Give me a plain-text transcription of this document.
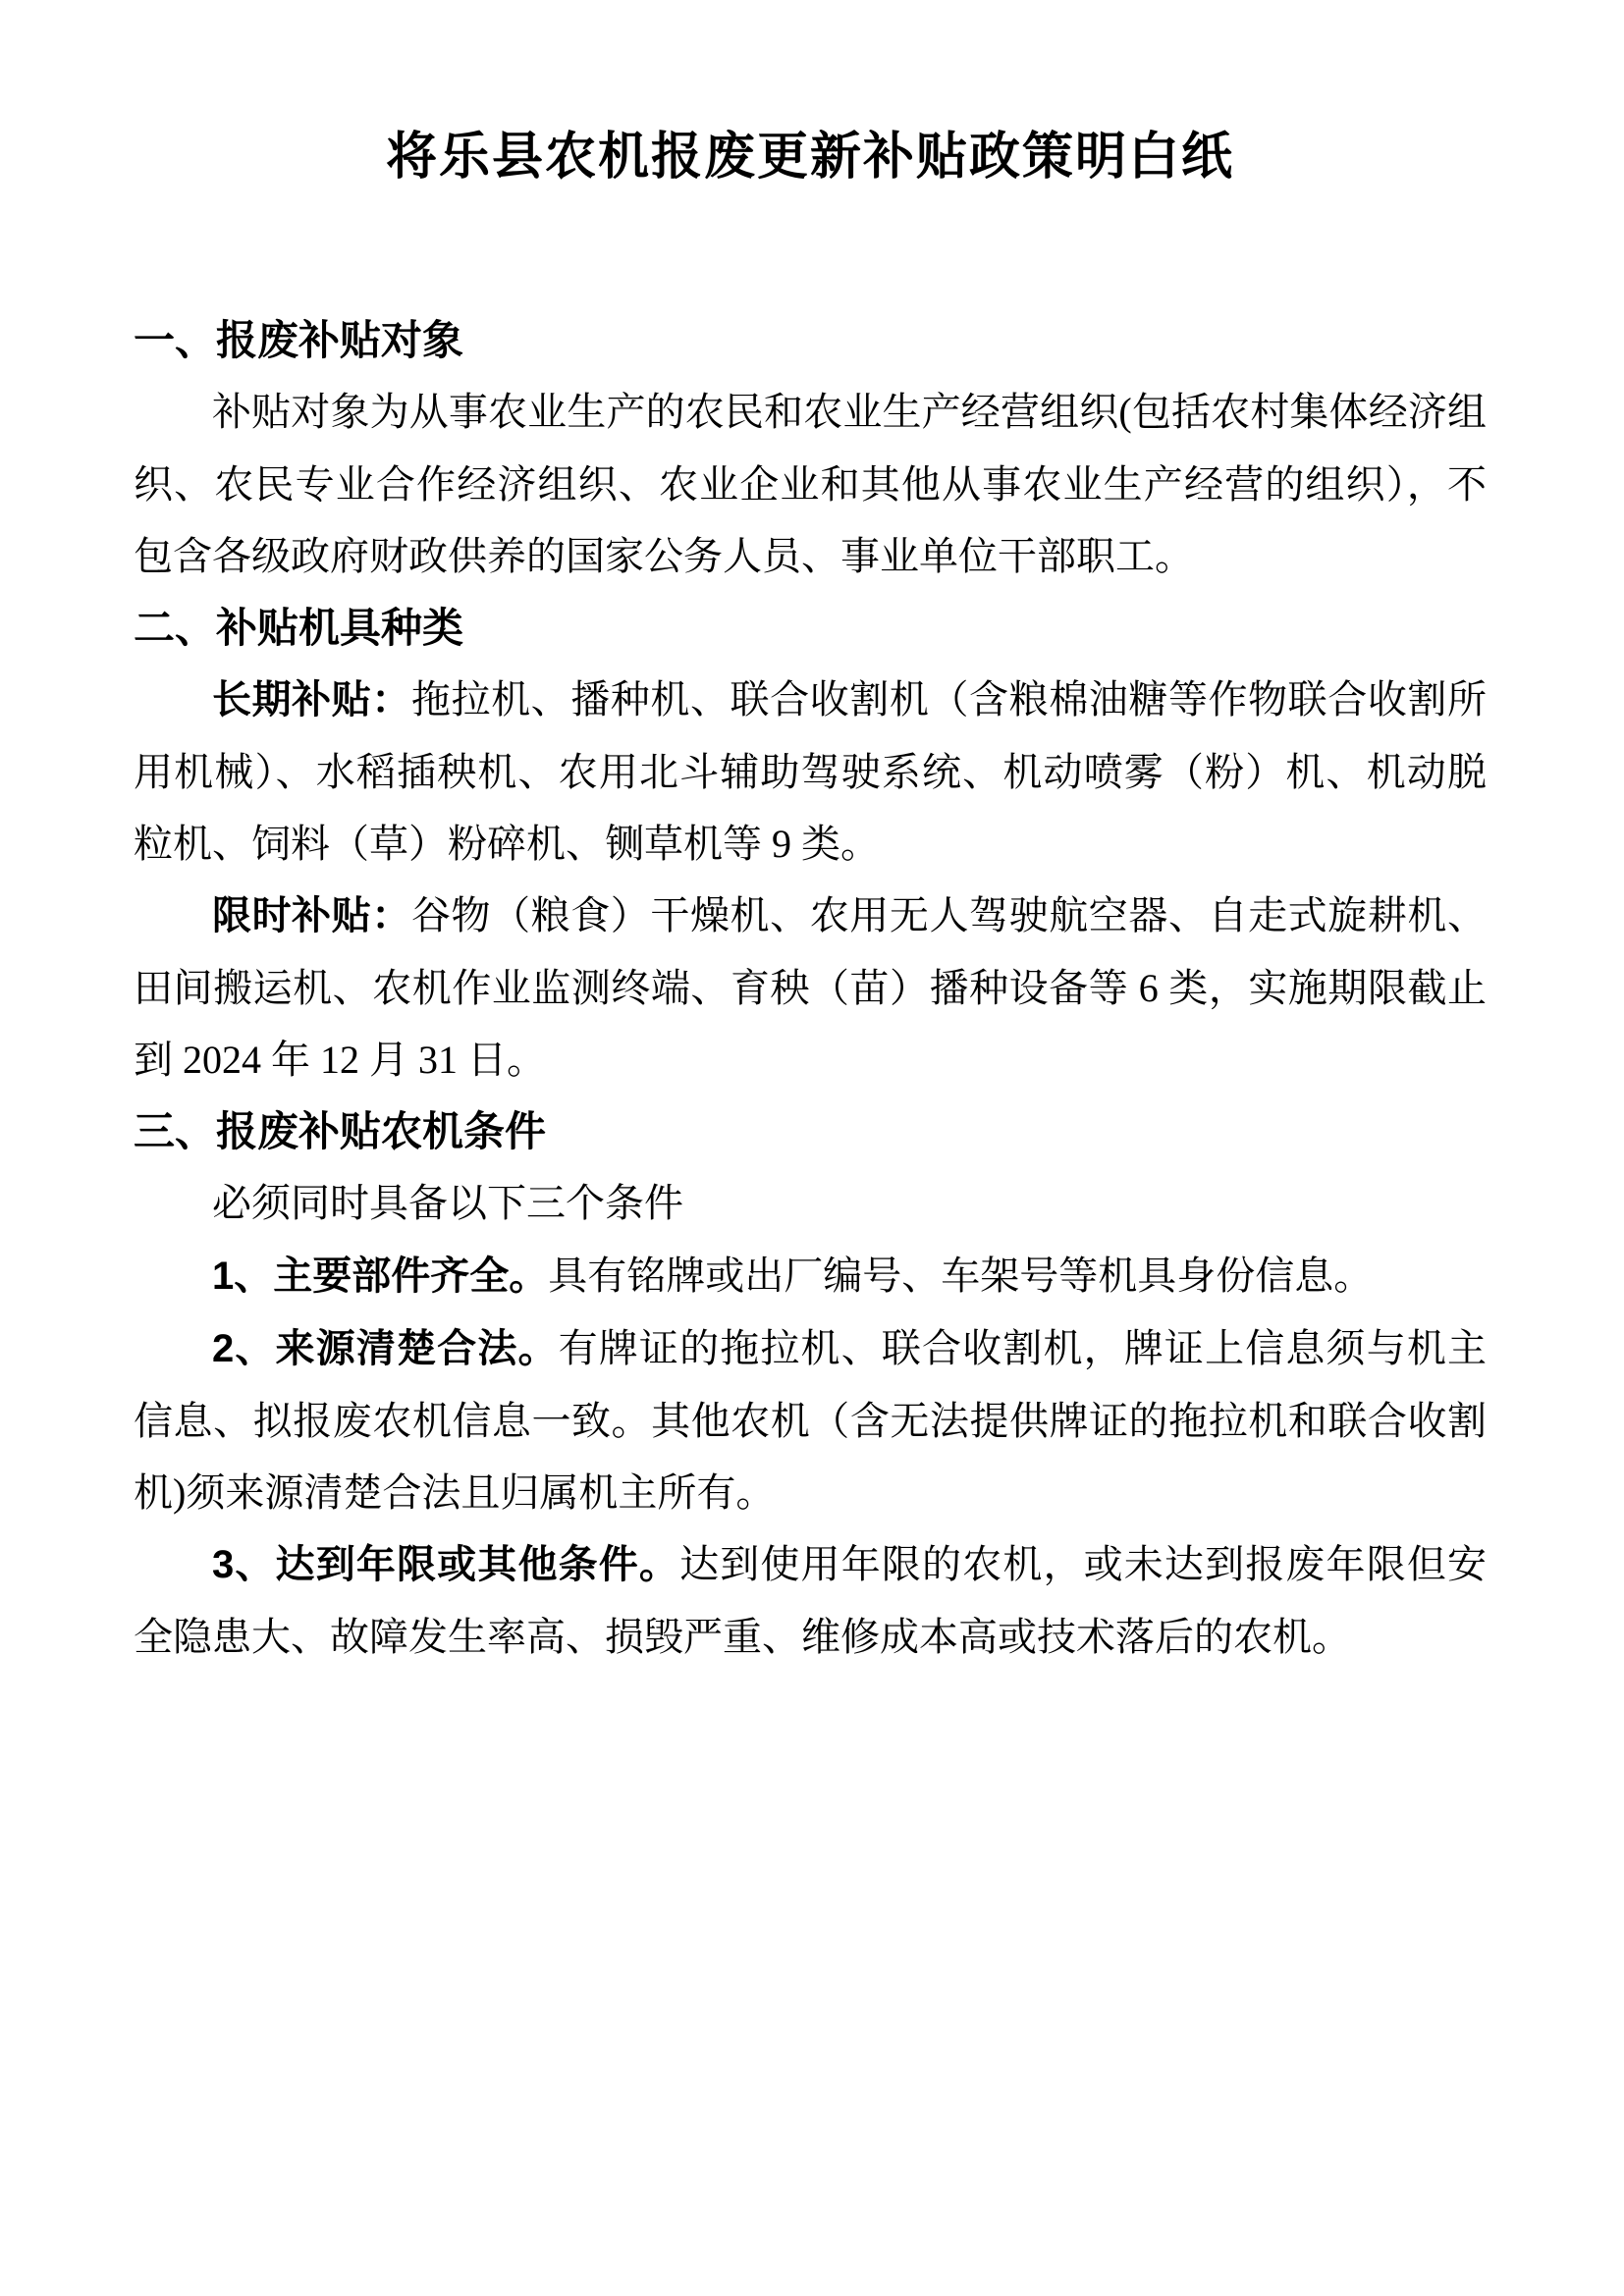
将乐县农机报废更新补贴政策明白纸
一、报废补贴对象

补贴对象为从事农业生产的农民和农业生产经营组织(包括农村集体经济组织、农民专业合作经济组织、农业企业和其他从事农业生产经营的组织），不包含各级政府财政供养的国家公务人员、事业单位干部职工。

二、补贴机具种类

长期补贴：拖拉机、播种机、联合收割机（含粮棉油糖等作物联合收割所用机械）、水稻插秧机、农用北斗辅助驾驶系统、机动喷雾（粉）机、机动脱粒机、饲料（草）粉碎机、铡草机等 9 类。

限时补贴：谷物（粮食）干燥机、农用无人驾驶航空器、自走式旋耕机、田间搬运机、农机作业监测终端、育秧（苗）播种设备等 6 类，实施期限截止到 2024 年 12 月 31 日。

三、报废补贴农机条件

必须同时具备以下三个条件

1、主要部件齐全。具有铭牌或出厂编号、车架号等机具身份信息。

2、来源清楚合法。有牌证的拖拉机、联合收割机，牌证上信息须与机主信息、拟报废农机信息一致。其他农机（含无法提供牌证的拖拉机和联合收割机)须来源清楚合法且归属机主所有。

3、达到年限或其他条件。达到使用年限的农机，或未达到报废年限但安全隐患大、故障发生率高、损毁严重、维修成本高或技术落后的农机。
